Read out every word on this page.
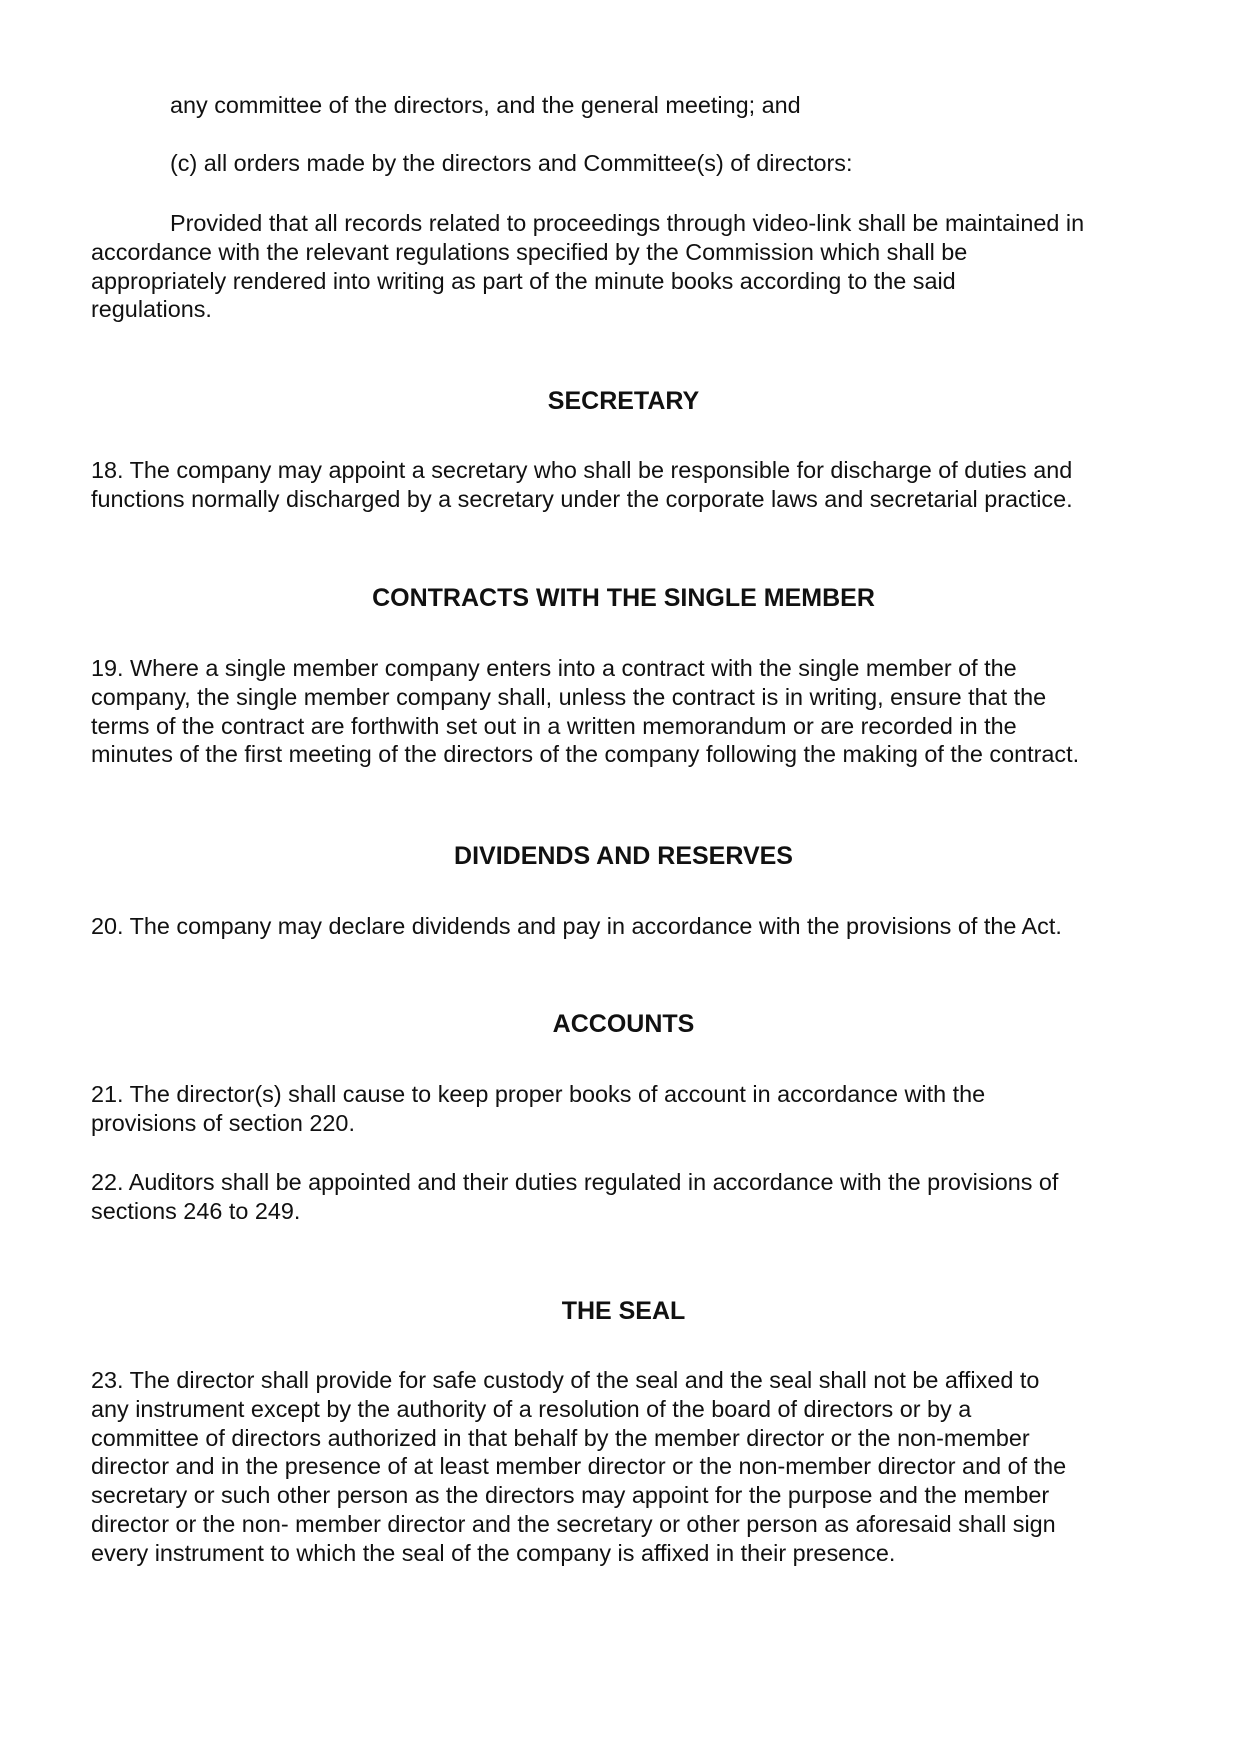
any committee of the directors, and the general meeting; and

(c) all orders made by the directors and Committee(s) of directors:

Provided that all records related to proceedings through video-link shall be maintained in
accordance with the relevant regulations specified by the Commission which shall be
appropriately rendered into writing as part of the minute books according to the said
regulations.

SECRETARY

18. The company may appoint a secretary who shall be responsible for discharge of duties and
functions normally discharged by a secretary under the corporate laws and secretarial practice.

CONTRACTS WITH THE SINGLE MEMBER

19. Where a single member company enters into a contract with the single member of the
company, the single member company shall, unless the contract is in writing, ensure that the
terms of the contract are forthwith set out in a written memorandum or are recorded in the
minutes of the first meeting of the directors of the company following the making of the contract.

DIVIDENDS AND RESERVES

20. The company may declare dividends and pay in accordance with the provisions of the Act.

ACCOUNTS

21. The director(s) shall cause to keep proper books of account in accordance with the
provisions of section 220.

22. Auditors shall be appointed and their duties regulated in accordance with the provisions of
sections 246 to 249.

THE SEAL

23. The director shall provide for safe custody of the seal and the seal shall not be affixed to
any instrument except by the authority of a resolution of the board of directors or by a
committee of directors authorized in that behalf by the member director or the non-member
director and in the presence of at least member director or the non-member director and of the
secretary or such other person as the directors may appoint for the purpose and the member
director or the non- member director and the secretary or other person as aforesaid shall sign
every instrument to which the seal of the company is affixed in their presence.
